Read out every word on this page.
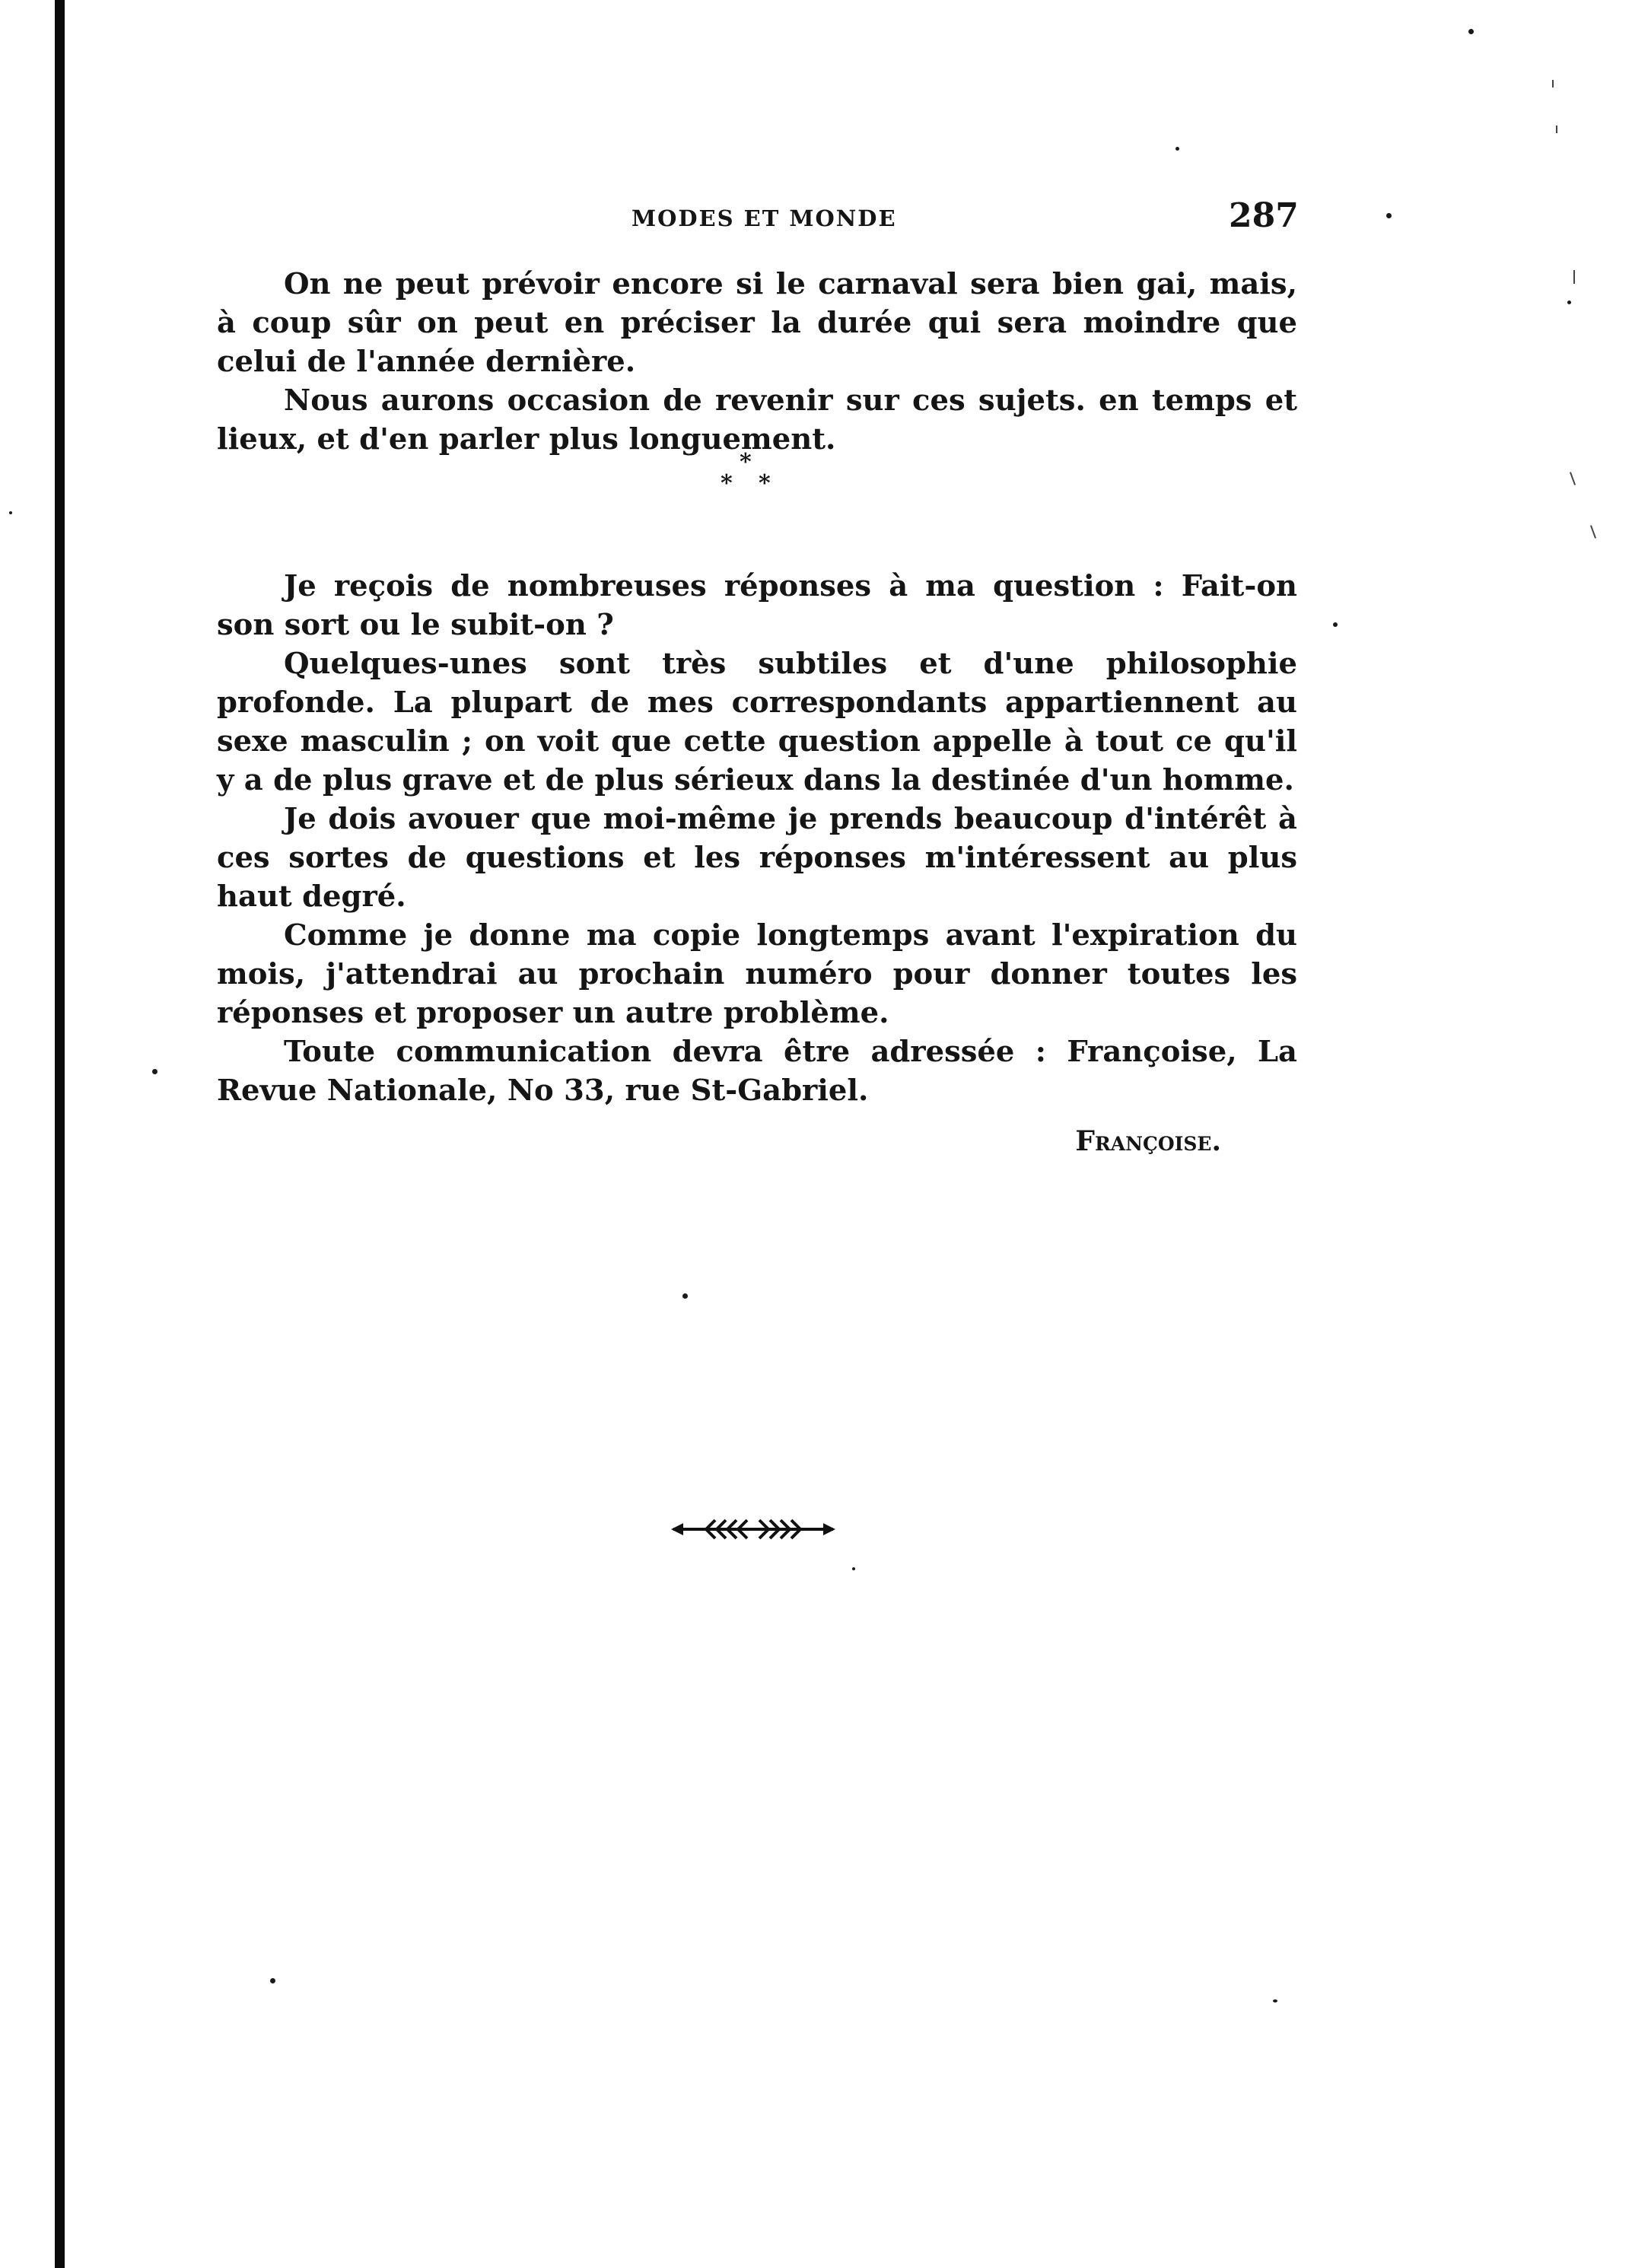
MODES ET MONDE	287

On ne peut prévoir encore si le carnaval sera bien gai, mais, à coup sûr on peut en préciser la durée qui sera moindre que celui de l'année dernière.

Nous aurons occasion de revenir sur ces sujets. en temps et lieux, et d'en parler plus longuement.

*
* *

Je reçois de nombreuses réponses à ma question : Fait-on son sort ou le subit-on ?

Quelques-unes sont très subtiles et d'une philosophie profonde. La plupart de mes correspondants appartiennent au sexe masculin ; on voit que cette question appelle à tout ce qu'il y a de plus grave et de plus sérieux dans la destinée d'un homme.

Je dois avouer que moi-même je prends beaucoup d'intérêt à ces sortes de questions et les réponses m'intéressent au plus haut degré.

Comme je donne ma copie longtemps avant l'expiration du mois, j'attendrai au prochain numéro pour donner toutes les réponses et proposer un autre problème.

Toute communication devra être adressée : Françoise, La Revue Nationale, No 33, rue St-Gabriel.

Françoise.
